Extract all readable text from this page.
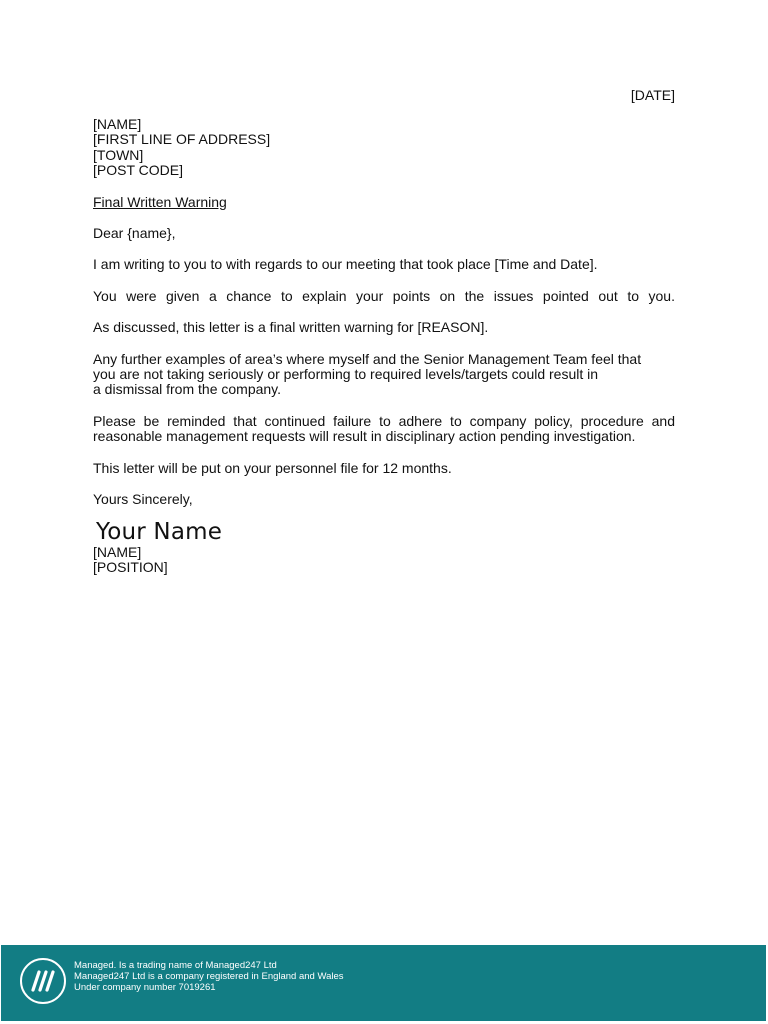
[DATE]
[NAME]
[FIRST LINE OF ADDRESS]
[TOWN]
[POST CODE]
Final Written Warning

Dear {name},

I am writing to you to with regards to our meeting that took place [Time and Date].

You were given a chance to explain your points on the issues pointed out to you.

As discussed, this letter is a final written warning for [REASON].

Any further examples of area’s where myself and the Senior Management Team feel that
you are not taking seriously or performing to required levels/targets could result in
a dismissal from the company.
Please be reminded that continued failure to adhere to company policy, procedure and
reasonable management requests will result in disciplinary action pending investigation.

This letter will be put on your personnel file for 12 months.

Yours Sincerely,

Your Name
[NAME]
[POSITION]
Managed. Is a trading name of Managed247 Ltd
Managed247 Ltd is a company registered in England and Wales
Under company number 7019261
